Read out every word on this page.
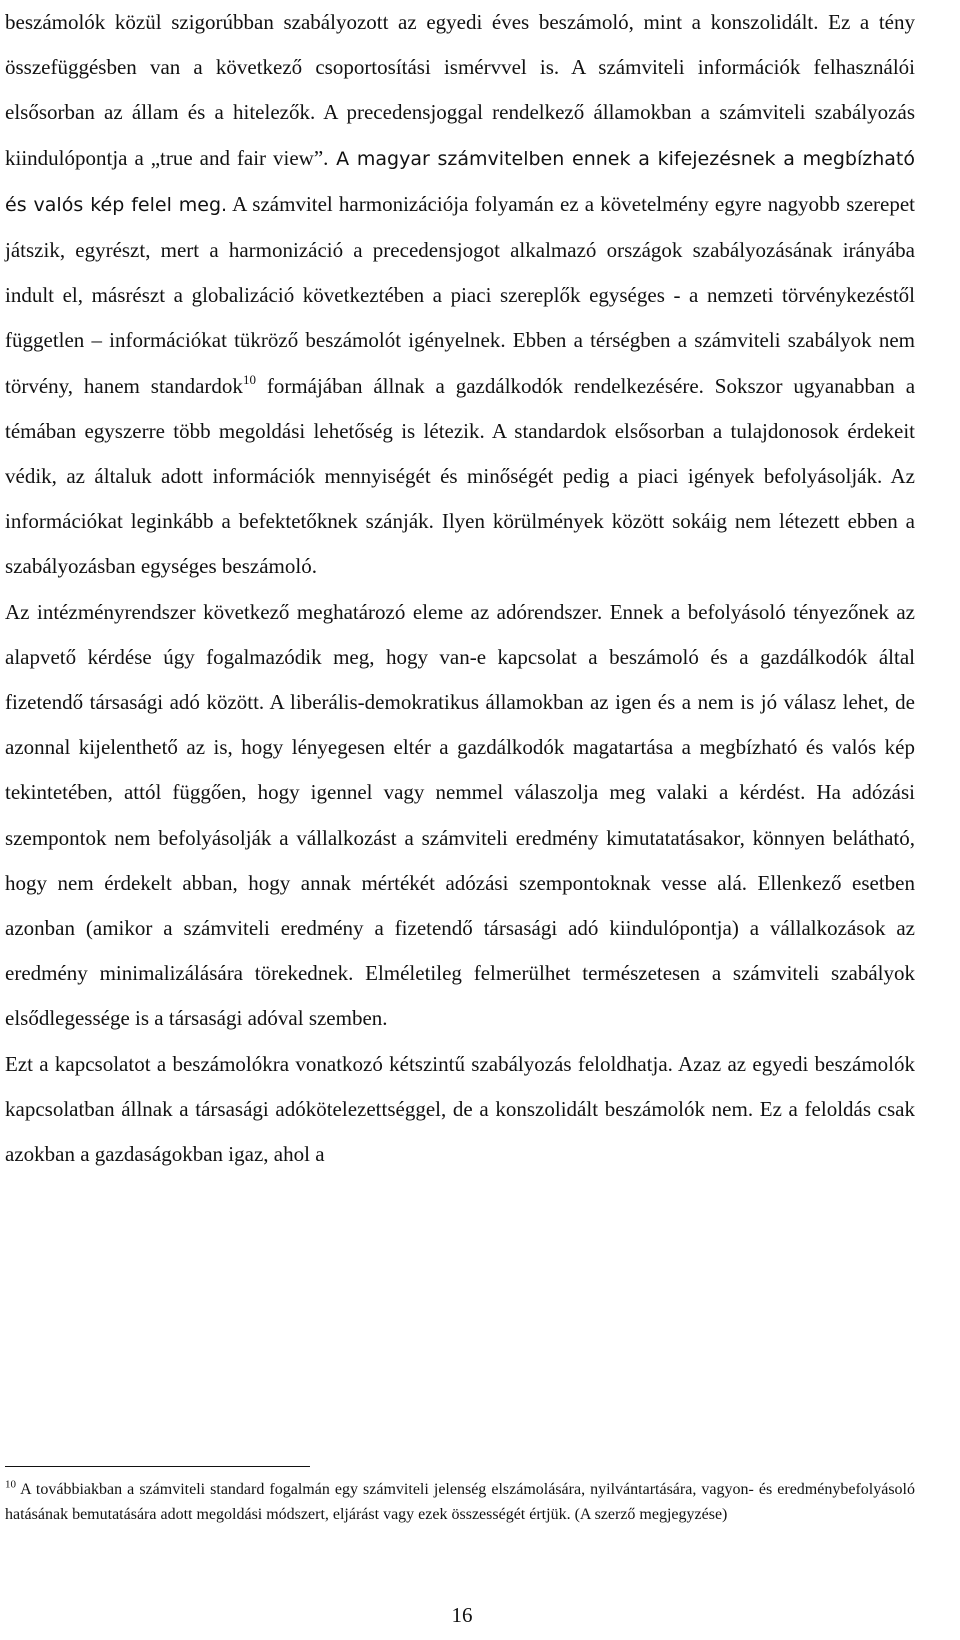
beszámolók közül szigorúbban szabályozott az egyedi éves beszámoló, mint a konszolidált. Ez a tény összefüggésben van a következő csoportosítási ismérvvel is. A számviteli információk felhasználói elsősorban az állam és a hitelezők. A precedensjoggal rendelkező államokban a számviteli szabályozás kiindulópontja a „true and fair view”. A magyar számvitelben ennek a kifejezésnek a megbízható és valós kép felel meg. A számvitel harmonizációja folyamán ez a követelmény egyre nagyobb szerepet játszik, egyrészt, mert a harmonizáció a precedensjogot alkalmazó országok szabályozásának irányába indult el, másrészt a globalizáció következtében a piaci szereplők egységes - a nemzeti törvénykezéstől független – információkat tükröző beszámolót igényelnek. Ebben a térségben a számviteli szabályok nem törvény, hanem standardok$^{10}$ formájában állnak a gazdálkodók rendelkezésére. Sokszor ugyanabban a témában egyszerre több megoldási lehetőség is létezik. A standardok elsősorban a tulajdonosok érdekeit védik, az általuk adott információk mennyiségét és minőségét pedig a piaci igények befolyásolják. Az információkat leginkább a befektetőknek szánják. Ilyen körülmények között sokáig nem létezett ebben a szabályozásban egységes beszámoló.

Az intézményrendszer következő meghatározó eleme az adórendszer. Ennek a befolyásoló tényezőnek az alapvető kérdése úgy fogalmazódik meg, hogy van-e kapcsolat a beszámoló és a gazdálkodók által fizetendő társasági adó között. A liberális-demokratikus államokban az igen és a nem is jó válasz lehet, de azonnal kijelenthető az is, hogy lényegesen eltér a gazdálkodók magatartása a megbízható és valós kép tekintetében, attól függően, hogy igennel vagy nemmel válaszolja meg valaki a kérdést. Ha adózási szempontok nem befolyásolják a vállalkozást a számviteli eredmény kimutatatásakor, könnyen belátható, hogy nem érdekelt abban, hogy annak mértékét adózási szempontoknak vesse alá. Ellenkező esetben azonban (amikor a számviteli eredmény a fizetendő társasági adó kiindulópontja) a vállalkozások az eredmény minimalizálására törekednek. Elméletileg felmerülhet természetesen a számviteli szabályok elsődlegessége is a társasági adóval szemben.

Ezt a kapcsolatot a beszámolókra vonatkozó kétszintű szabályozás feloldhatja. Azaz az egyedi beszámolók kapcsolatban állnak a társasági adókötelezettséggel, de a konszolidált beszámolók nem. Ez a feloldás csak azokban a gazdaságokban igaz, ahol a

$^{10}$ A továbbiakban a számviteli standard fogalmán egy számviteli jelenség elszámolására, nyilvántartására, vagyon- és eredménybefolyásoló hatásának bemutatására adott megoldási módszert, eljárást vagy ezek összességét értjük. (A szerző megjegyzése)
16
